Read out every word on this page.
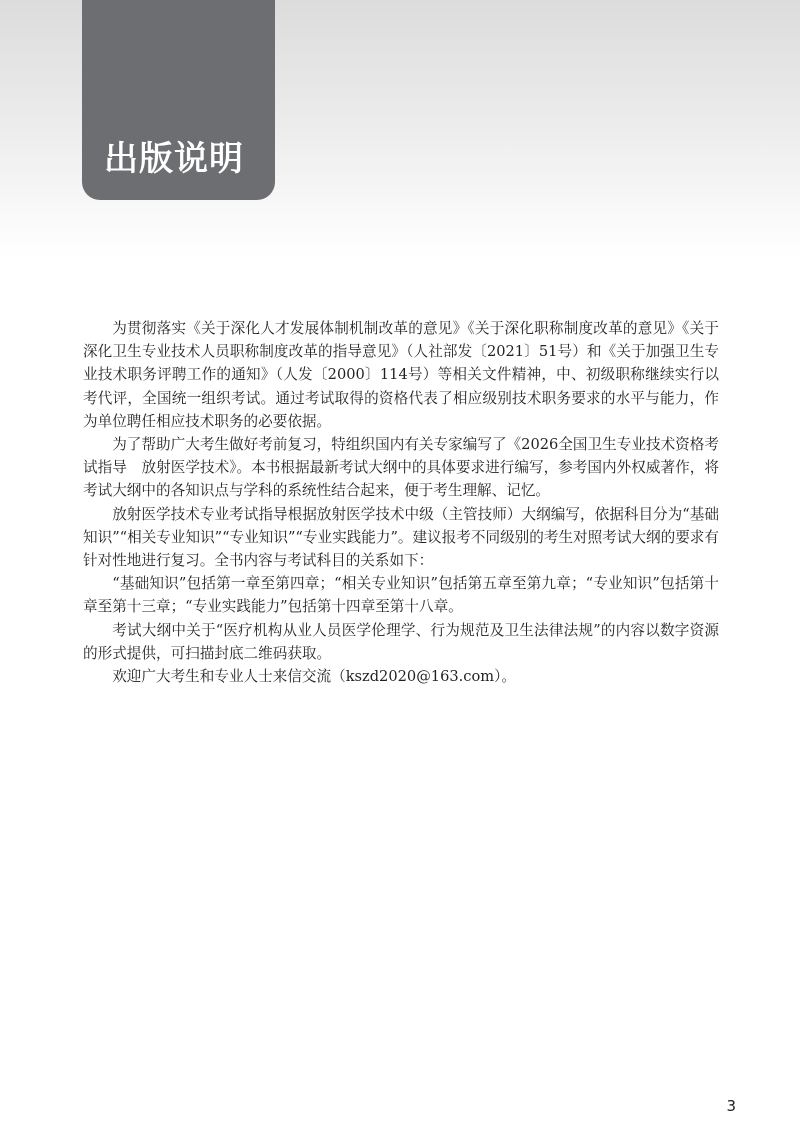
出版说明

为贯彻落实《关于深化人才发展体制机制改革的意见》《关于深化职称制度改革的意见》《关于深化卫生专业技术人员职称制度改革的指导意见》（人社部发〔2021〕51号）和《关于加强卫生专业技术职务评聘工作的通知》（人发〔2000〕114号）等相关文件精神，中、初级职称继续实行以考代评，全国统一组织考试。通过考试取得的资格代表了相应级别技术职务要求的水平与能力，作为单位聘任相应技术职务的必要依据。

为了帮助广大考生做好考前复习，特组织国内有关专家编写了《2026全国卫生专业技术资格考试指导　放射医学技术》。本书根据最新考试大纲中的具体要求进行编写，参考国内外权威著作，将考试大纲中的各知识点与学科的系统性结合起来，便于考生理解、记忆。

放射医学技术专业考试指导根据放射医学技术中级（主管技师）大纲编写，依据科目分为“基础知识”“相关专业知识”“专业知识”“专业实践能力”。建议报考不同级别的考生对照考试大纲的要求有针对性地进行复习。全书内容与考试科目的关系如下：

“基础知识”包括第一章至第四章；“相关专业知识”包括第五章至第九章；“专业知识”包括第十章至第十三章；“专业实践能力”包括第十四章至第十八章。

考试大纲中关于“医疗机构从业人员医学伦理学、行为规范及卫生法律法规”的内容以数字资源的形式提供，可扫描封底二维码获取。

欢迎广大考生和专业人士来信交流（kszd2020@163.com）。

3
